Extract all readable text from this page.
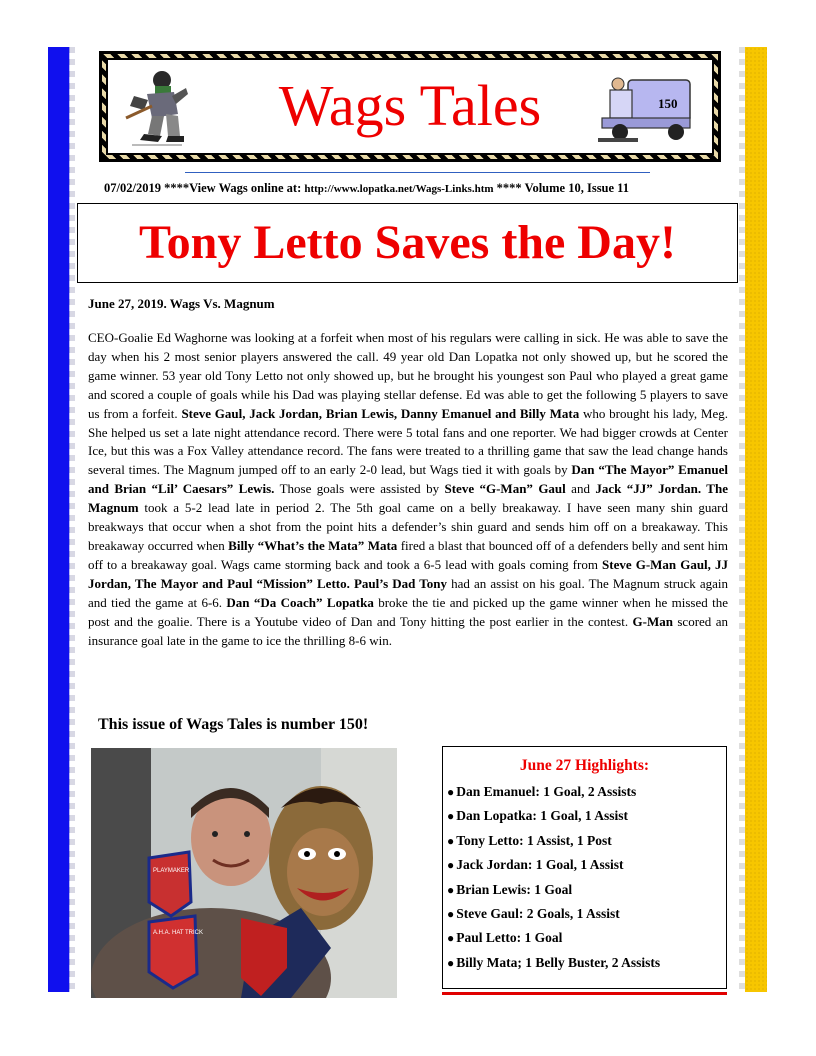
Wags Tales	150
07/02/2019 ****View Wags online at: http://www.lopatka.net/Wags-Links.htm **** Volume 10, Issue 11
Tony Letto Saves the Day!
June 27, 2019. Wags Vs. Magnum
CEO-Goalie Ed Waghorne was looking at a forfeit when most of his regulars were calling in sick. He was able to save the day when his 2 most senior players answered the call. 49 year old Dan Lopatka not only showed up, but he scored the game winner. 53 year old Tony Letto not only showed up, but he brought his youngest son Paul who played a great game and scored a couple of goals while his Dad was playing stellar defense. Ed was able to get the following 5 players to save us from a forfeit. Steve Gaul, Jack Jordan, Brian Lewis, Danny Emanuel and Billy Mata who brought his lady, Meg. She helped us set a late night attendance record. There were 5 total fans and one reporter. We had bigger crowds at Center Ice, but this was a Fox Valley attendance record. The fans were treated to a thrilling game that saw the lead change hands several times. The Magnum jumped off to an early 2-0 lead, but Wags tied it with goals by Dan “The Mayor” Emanuel and Brian “Lil’ Caesars” Lewis. Those goals were assisted by Steve “G-Man” Gaul and Jack “JJ” Jordan. The Magnum took a 5-2 lead late in period 2. The 5th goal came on a belly breakaway. I have seen many shin guard breakways that occur when a shot from the point hits a defender’s shin guard and sends him off on a breakaway. This breakaway occurred when Billy “What’s the Mata” Mata fired a blast that bounced off of a defenders belly and sent him off to a breakaway goal. Wags came storming back and took a 6-5 lead with goals coming from Steve G-Man Gaul, JJ Jordan, The Mayor and Paul “Mission” Letto. Paul’s Dad Tony had an assist on his goal. The Magnum struck again and tied the game at 6-6. Dan “Da Coach” Lopatka broke the tie and picked up the game winner when he missed the post and the goalie. There is a Youtube video of Dan and Tony hitting the post earlier in the contest. G-Man scored an insurance goal late in the game to ice the thrilling 8-6 win.
This issue of Wags Tales is number 150!
PLAYMAKER
A.H.A. HAT TRICK
June 27 Highlights:
● Dan Emanuel: 1 Goal, 2 Assists
● Dan Lopatka: 1 Goal, 1 Assist
● Tony Letto: 1 Assist, 1 Post
● Jack Jordan: 1 Goal, 1 Assist
● Brian Lewis: 1 Goal
● Steve Gaul: 2 Goals, 1 Assist
● Paul Letto: 1 Goal
● Billy Mata; 1 Belly Buster, 2 Assists
